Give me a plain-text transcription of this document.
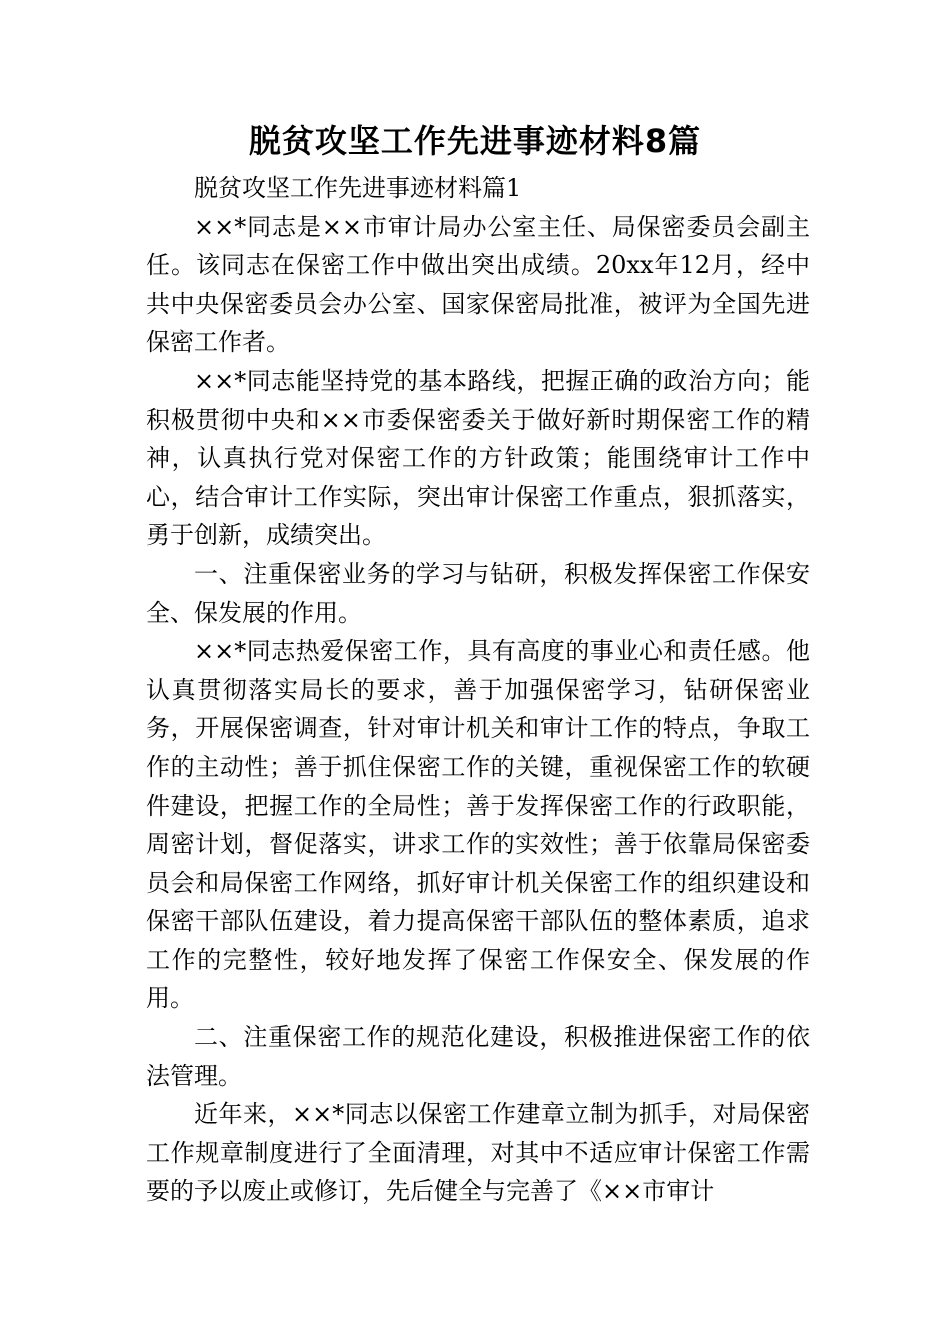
脱贫攻坚工作先进事迹材料8篇

脱贫攻坚工作先进事迹材料篇1

××*同志是××市审计局办公室主任、局保密委员会副主任。该同志在保密工作中做出突出成绩。20xx年12月，经中共中央保密委员会办公室、国家保密局批准，被评为全国先进保密工作者。

××*同志能坚持党的基本路线，把握正确的政治方向；能积极贯彻中央和××市委保密委关于做好新时期保密工作的精神，认真执行党对保密工作的方针政策；能围绕审计工作中心，结合审计工作实际，突出审计保密工作重点，狠抓落实，勇于创新，成绩突出。

一、注重保密业务的学习与钻研，积极发挥保密工作保安全、保发展的作用。

××*同志热爱保密工作，具有高度的事业心和责任感。他认真贯彻落实局长的要求，善于加强保密学习，钻研保密业务，开展保密调查，针对审计机关和审计工作的特点，争取工作的主动性；善于抓住保密工作的关键，重视保密工作的软硬件建设，把握工作的全局性；善于发挥保密工作的行政职能，周密计划，督促落实，讲求工作的实效性；善于依靠局保密委员会和局保密工作网络，抓好审计机关保密工作的组织建设和保密干部队伍建设，着力提高保密干部队伍的整体素质，追求工作的完整性，较好地发挥了保密工作保安全、保发展的作用。

二、注重保密工作的规范化建设，积极推进保密工作的依法管理。

近年来，××*同志以保密工作建章立制为抓手，对局保密工作规章制度进行了全面清理，对其中不适应审计保密工作需要的予以废止或修订，先后健全与完善了《××市审计
